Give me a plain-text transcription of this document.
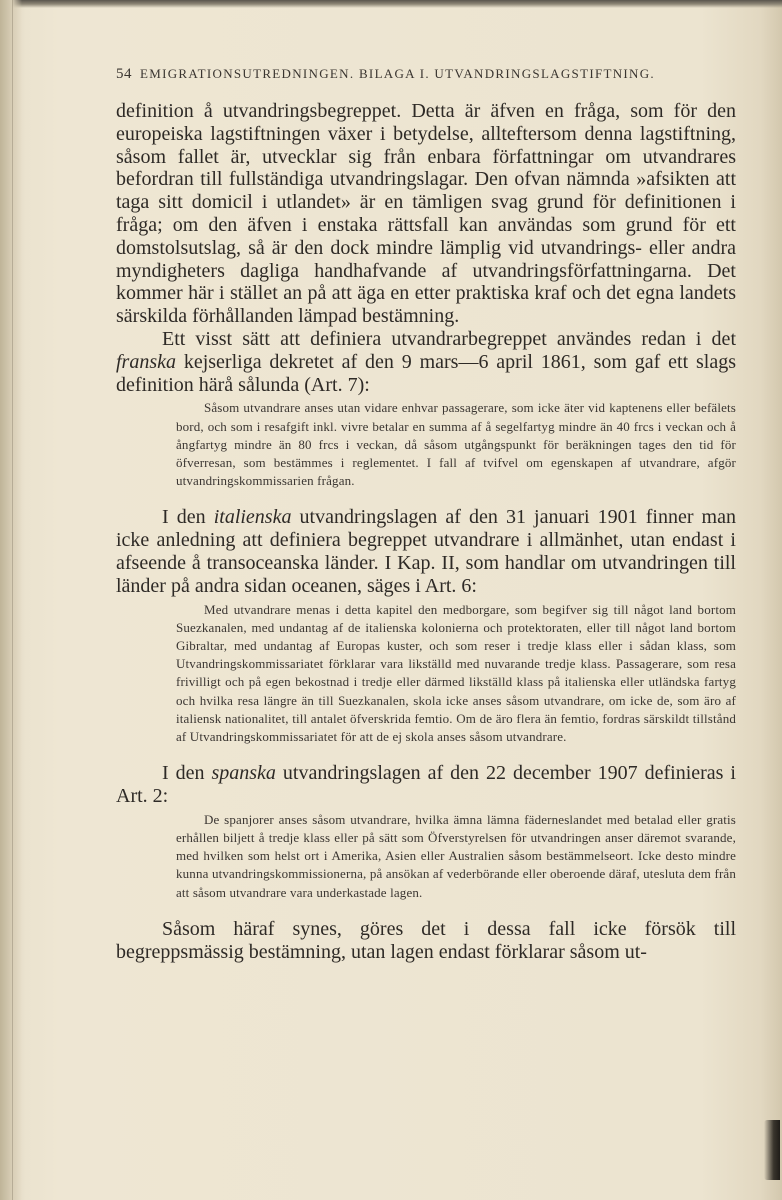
54 EMIGRATIONSUTREDNINGEN. BILAGA I. UTVANDRINGSLAGSTIFTNING.

definition å utvandringsbegreppet. Detta är äfven en fråga, som för den europeiska lagstiftningen växer i betydelse, allteftersom denna lagstiftning, såsom fallet är, utvecklar sig från enbara författningar om utvandrares befordran till fullständiga utvandringslagar. Den ofvan nämnda »afsikten att taga sitt domicil i utlandet» är en tämligen svag grund för definitionen i fråga; om den äfven i enstaka rättsfall kan användas som grund för ett domstolsutslag, så är den dock mindre lämplig vid utvandrings- eller andra myndigheters dagliga handhafvande af utvandringsförfattningarna. Det kommer här i stället an på att äga en etter praktiska kraf och det egna landets särskilda förhållanden lämpad bestämning.

Ett visst sätt att definiera utvandrarbegreppet användes redan i det franska kejserliga dekretet af den 9 mars—6 april 1861, som gaf ett slags definition härå sålunda (Art. 7):

Såsom utvandrare anses utan vidare enhvar passagerare, som icke äter vid kaptenens eller befälets bord, och som i resafgift inkl. vivre betalar en summa af å segelfartyg mindre än 40 frcs i veckan och å ångfartyg mindre än 80 frcs i veckan, då såsom utgångspunkt för beräkningen tages den tid för öfverresan, som bestämmes i reglementet. I fall af tvifvel om egenskapen af utvandrare, afgör utvandringskommissarien frågan.

I den italienska utvandringslagen af den 31 januari 1901 finner man icke anledning att definiera begreppet utvandrare i allmänhet, utan endast i afseende å transoceanska länder. I Kap. II, som handlar om utvandringen till länder på andra sidan oceanen, säges i Art. 6:

Med utvandrare menas i detta kapitel den medborgare, som begifver sig till något land bortom Suezkanalen, med undantag af de italienska kolonierna och protektoraten, eller till något land bortom Gibraltar, med undantag af Europas kuster, och som reser i tredje klass eller i sådan klass, som Utvandringskommissariatet förklarar vara likställd med nuvarande tredje klass. Passagerare, som resa frivilligt och på egen bekostnad i tredje eller därmed likställd klass på italienska eller utländska fartyg och hvilka resa längre än till Suezkanalen, skola icke anses såsom utvandrare, om icke de, som äro af italiensk nationalitet, till antalet öfverskrida femtio. Om de äro flera än femtio, fordras särskildt tillstånd af Utvandringskommissariatet för att de ej skola anses såsom utvandrare.

I den spanska utvandringslagen af den 22 december 1907 definieras i Art. 2:

De spanjorer anses såsom utvandrare, hvilka ämna lämna fäderneslandet med betalad eller gratis erhållen biljett å tredje klass eller på sätt som Öfverstyrelsen för utvandringen anser däremot svarande, med hvilken som helst ort i Amerika, Asien eller Australien såsom bestämmelseort. Icke desto mindre kunna utvandringskommissionerna, på ansökan af vederbörande eller oberoende däraf, utesluta dem från att såsom utvandrare vara underkastade lagen.

Såsom häraf synes, göres det i dessa fall icke försök till begreppsmässig bestämning, utan lagen endast förklarar såsom ut-
